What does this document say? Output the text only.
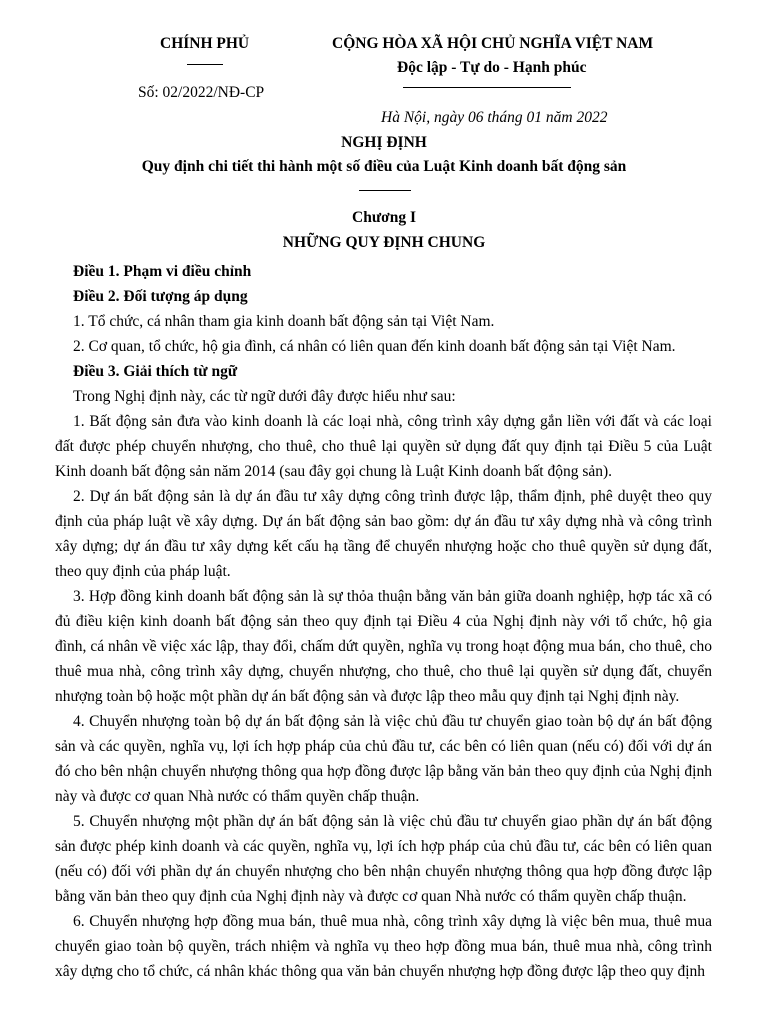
CHÍNH PHỦ
Số: 02/2022/NĐ-CP
CỘNG HÒA XÃ HỘI CHỦ NGHĨA VIỆT NAM
Độc lập - Tự do - Hạnh phúc
Hà Nội, ngày 06 tháng 01 năm 2022
NGHỊ ĐỊNH
Quy định chi tiết thi hành một số điều của Luật Kinh doanh bất động sản
Chương I
NHỮNG QUY ĐỊNH CHUNG

Điều 1. Phạm vi điều chỉnh

Điều 2. Đối tượng áp dụng

1. Tổ chức, cá nhân tham gia kinh doanh bất động sản tại Việt Nam.

2. Cơ quan, tổ chức, hộ gia đình, cá nhân có liên quan đến kinh doanh bất động sản tại Việt Nam.

Điều 3. Giải thích từ ngữ

Trong Nghị định này, các từ ngữ dưới đây được hiểu như sau:

1. Bất động sản đưa vào kinh doanh là các loại nhà, công trình xây dựng gắn liền với đất và các loại đất được phép chuyển nhượng, cho thuê, cho thuê lại quyền sử dụng đất quy định tại Điều 5 của Luật Kinh doanh bất động sản năm 2014 (sau đây gọi chung là Luật Kinh doanh bất động sản).

2. Dự án bất động sản là dự án đầu tư xây dựng công trình được lập, thẩm định, phê duyệt theo quy định của pháp luật về xây dựng. Dự án bất động sản bao gồm: dự án đầu tư xây dựng nhà và công trình xây dựng; dự án đầu tư xây dựng kết cấu hạ tầng để chuyển nhượng hoặc cho thuê quyền sử dụng đất, theo quy định của pháp luật.

3. Hợp đồng kinh doanh bất động sản là sự thỏa thuận bằng văn bản giữa doanh nghiệp, hợp tác xã có đủ điều kiện kinh doanh bất động sản theo quy định tại Điều 4 của Nghị định này với tổ chức, hộ gia đình, cá nhân về việc xác lập, thay đổi, chấm dứt quyền, nghĩa vụ trong hoạt động mua bán, cho thuê, cho thuê mua nhà, công trình xây dựng, chuyển nhượng, cho thuê, cho thuê lại quyền sử dụng đất, chuyển nhượng toàn bộ hoặc một phần dự án bất động sản và được lập theo mẫu quy định tại Nghị định này.

4. Chuyển nhượng toàn bộ dự án bất động sản là việc chủ đầu tư chuyển giao toàn bộ dự án bất động sản và các quyền, nghĩa vụ, lợi ích hợp pháp của chủ đầu tư, các bên có liên quan (nếu có) đối với dự án đó cho bên nhận chuyển nhượng thông qua hợp đồng được lập bằng văn bản theo quy định của Nghị định này và được cơ quan Nhà nước có thẩm quyền chấp thuận.

5. Chuyển nhượng một phần dự án bất động sản là việc chủ đầu tư chuyển giao phần dự án bất động sản được phép kinh doanh và các quyền, nghĩa vụ, lợi ích hợp pháp của chủ đầu tư, các bên có liên quan (nếu có) đối với phần dự án chuyển nhượng cho bên nhận chuyển nhượng thông qua hợp đồng được lập bằng văn bản theo quy định của Nghị định này và được cơ quan Nhà nước có thẩm quyền chấp thuận.

6. Chuyển nhượng hợp đồng mua bán, thuê mua nhà, công trình xây dựng là việc bên mua, thuê mua chuyển giao toàn bộ quyền, trách nhiệm và nghĩa vụ theo hợp đồng mua bán, thuê mua nhà, công trình xây dựng cho tổ chức, cá nhân khác thông qua văn bản chuyển nhượng hợp đồng được lập theo quy định
